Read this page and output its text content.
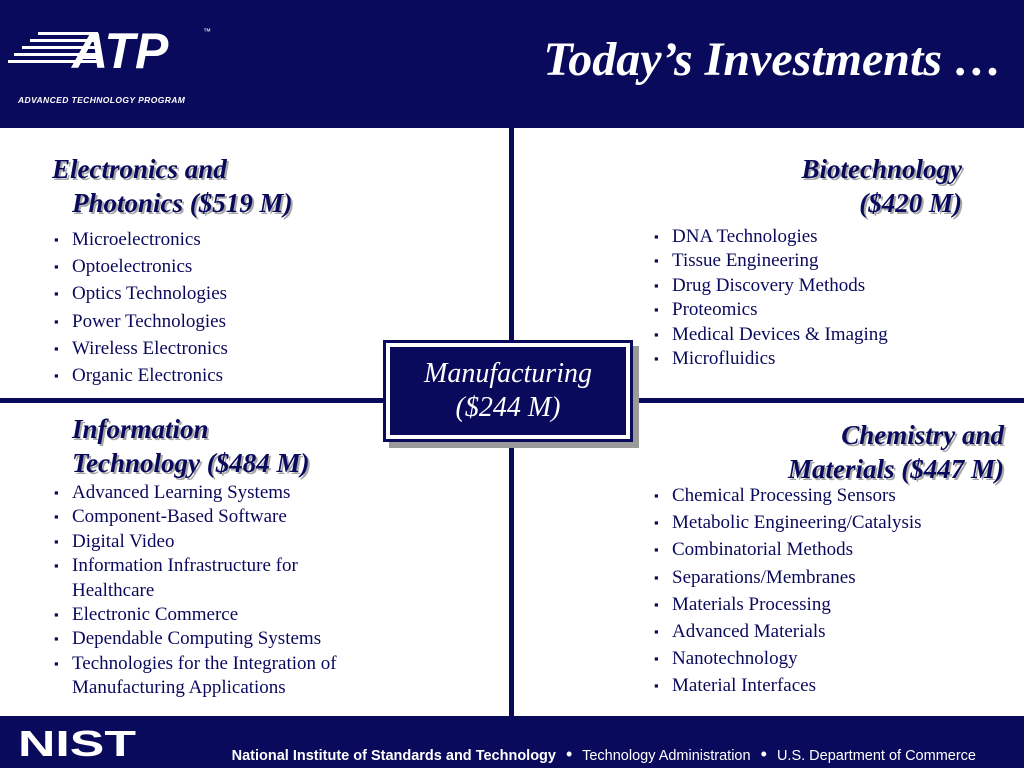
ATP	™
ADVANCED TECHNOLOGY PROGRAM
Today’s Investments …
Electronics and
Photonics ($519 M)
▪ Microelectronics
▪ Optoelectronics
▪ Optics Technologies
▪ Power Technologies
▪ Wireless Electronics
▪ Organic Electronics
Biotechnology
($420 M)
▪ DNA Technologies
▪ Tissue Engineering
▪ Drug Discovery Methods
▪ Proteomics
▪ Medical Devices & Imaging
▪ Microfluidics
Information
Technology ($484 M)
▪ Advanced Learning Systems
▪ Component-Based Software
▪ Digital Video
▪ Information Infrastructure for Healthcare
▪ Electronic Commerce
▪ Dependable Computing Systems
▪ Technologies for the Integration of Manufacturing Applications
Chemistry and
Materials ($447 M)
▪ Chemical Processing Sensors
▪ Metabolic Engineering/Catalysis
▪ Combinatorial Methods
▪ Separations/Membranes
▪ Materials Processing
▪ Advanced Materials
▪ Nanotechnology
▪ Material Interfaces
Manufacturing
($244 M)
NIST	National Institute of Standards and Technology • Technology Administration • U.S. Department of Commerce
